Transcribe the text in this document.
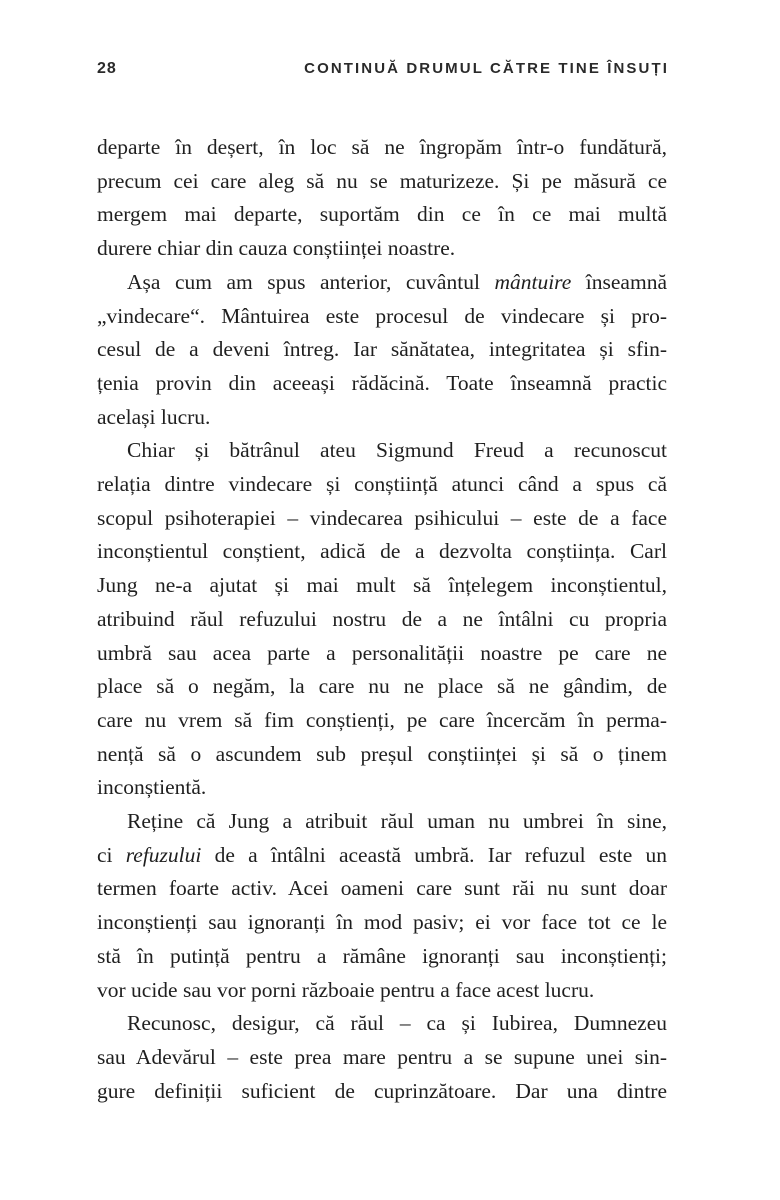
28	CONTINUĂ DRUMUL CĂTRE TINE ÎNSUȚI
departe în deșert, în loc să ne îngropăm într-o fundătură,
precum cei care aleg să nu se maturizeze. Și pe măsură ce
mergem mai departe, suportăm din ce în ce mai multă
durere chiar din cauza conștiinței noastre.
Așa cum am spus anterior, cuvântul mântuire înseamnă
„vindecare“. Mântuirea este procesul de vindecare și pro-
cesul de a deveni întreg. Iar sănătatea, integritatea și sfin-
țenia provin din aceeași rădăcină. Toate înseamnă practic
același lucru.
Chiar și bătrânul ateu Sigmund Freud a recunoscut
relația dintre vindecare și conștiință atunci când a spus că
scopul psihoterapiei – vindecarea psihicului – este de a face
inconștientul conștient, adică de a dezvolta conștiința. Carl
Jung ne-a ajutat și mai mult să înțelegem inconștientul,
atribuind răul refuzului nostru de a ne întâlni cu propria
umbră sau acea parte a personalității noastre pe care ne
place să o negăm, la care nu ne place să ne gândim, de
care nu vrem să fim conștienți, pe care încercăm în perma-
nență să o ascundem sub preșul conștiinței și să o ținem
inconștientă.
Reține că Jung a atribuit răul uman nu umbrei în sine,
ci refuzului de a întâlni această umbră. Iar refuzul este un
termen foarte activ. Acei oameni care sunt răi nu sunt doar
inconștienți sau ignoranți în mod pasiv; ei vor face tot ce le
stă în putință pentru a rămâne ignoranți sau inconștienți;
vor ucide sau vor porni războaie pentru a face acest lucru.
Recunosc, desigur, că răul – ca și Iubirea, Dumnezeu
sau Adevărul – este prea mare pentru a se supune unei sin-
gure definiții suficient de cuprinzătoare. Dar una dintre
